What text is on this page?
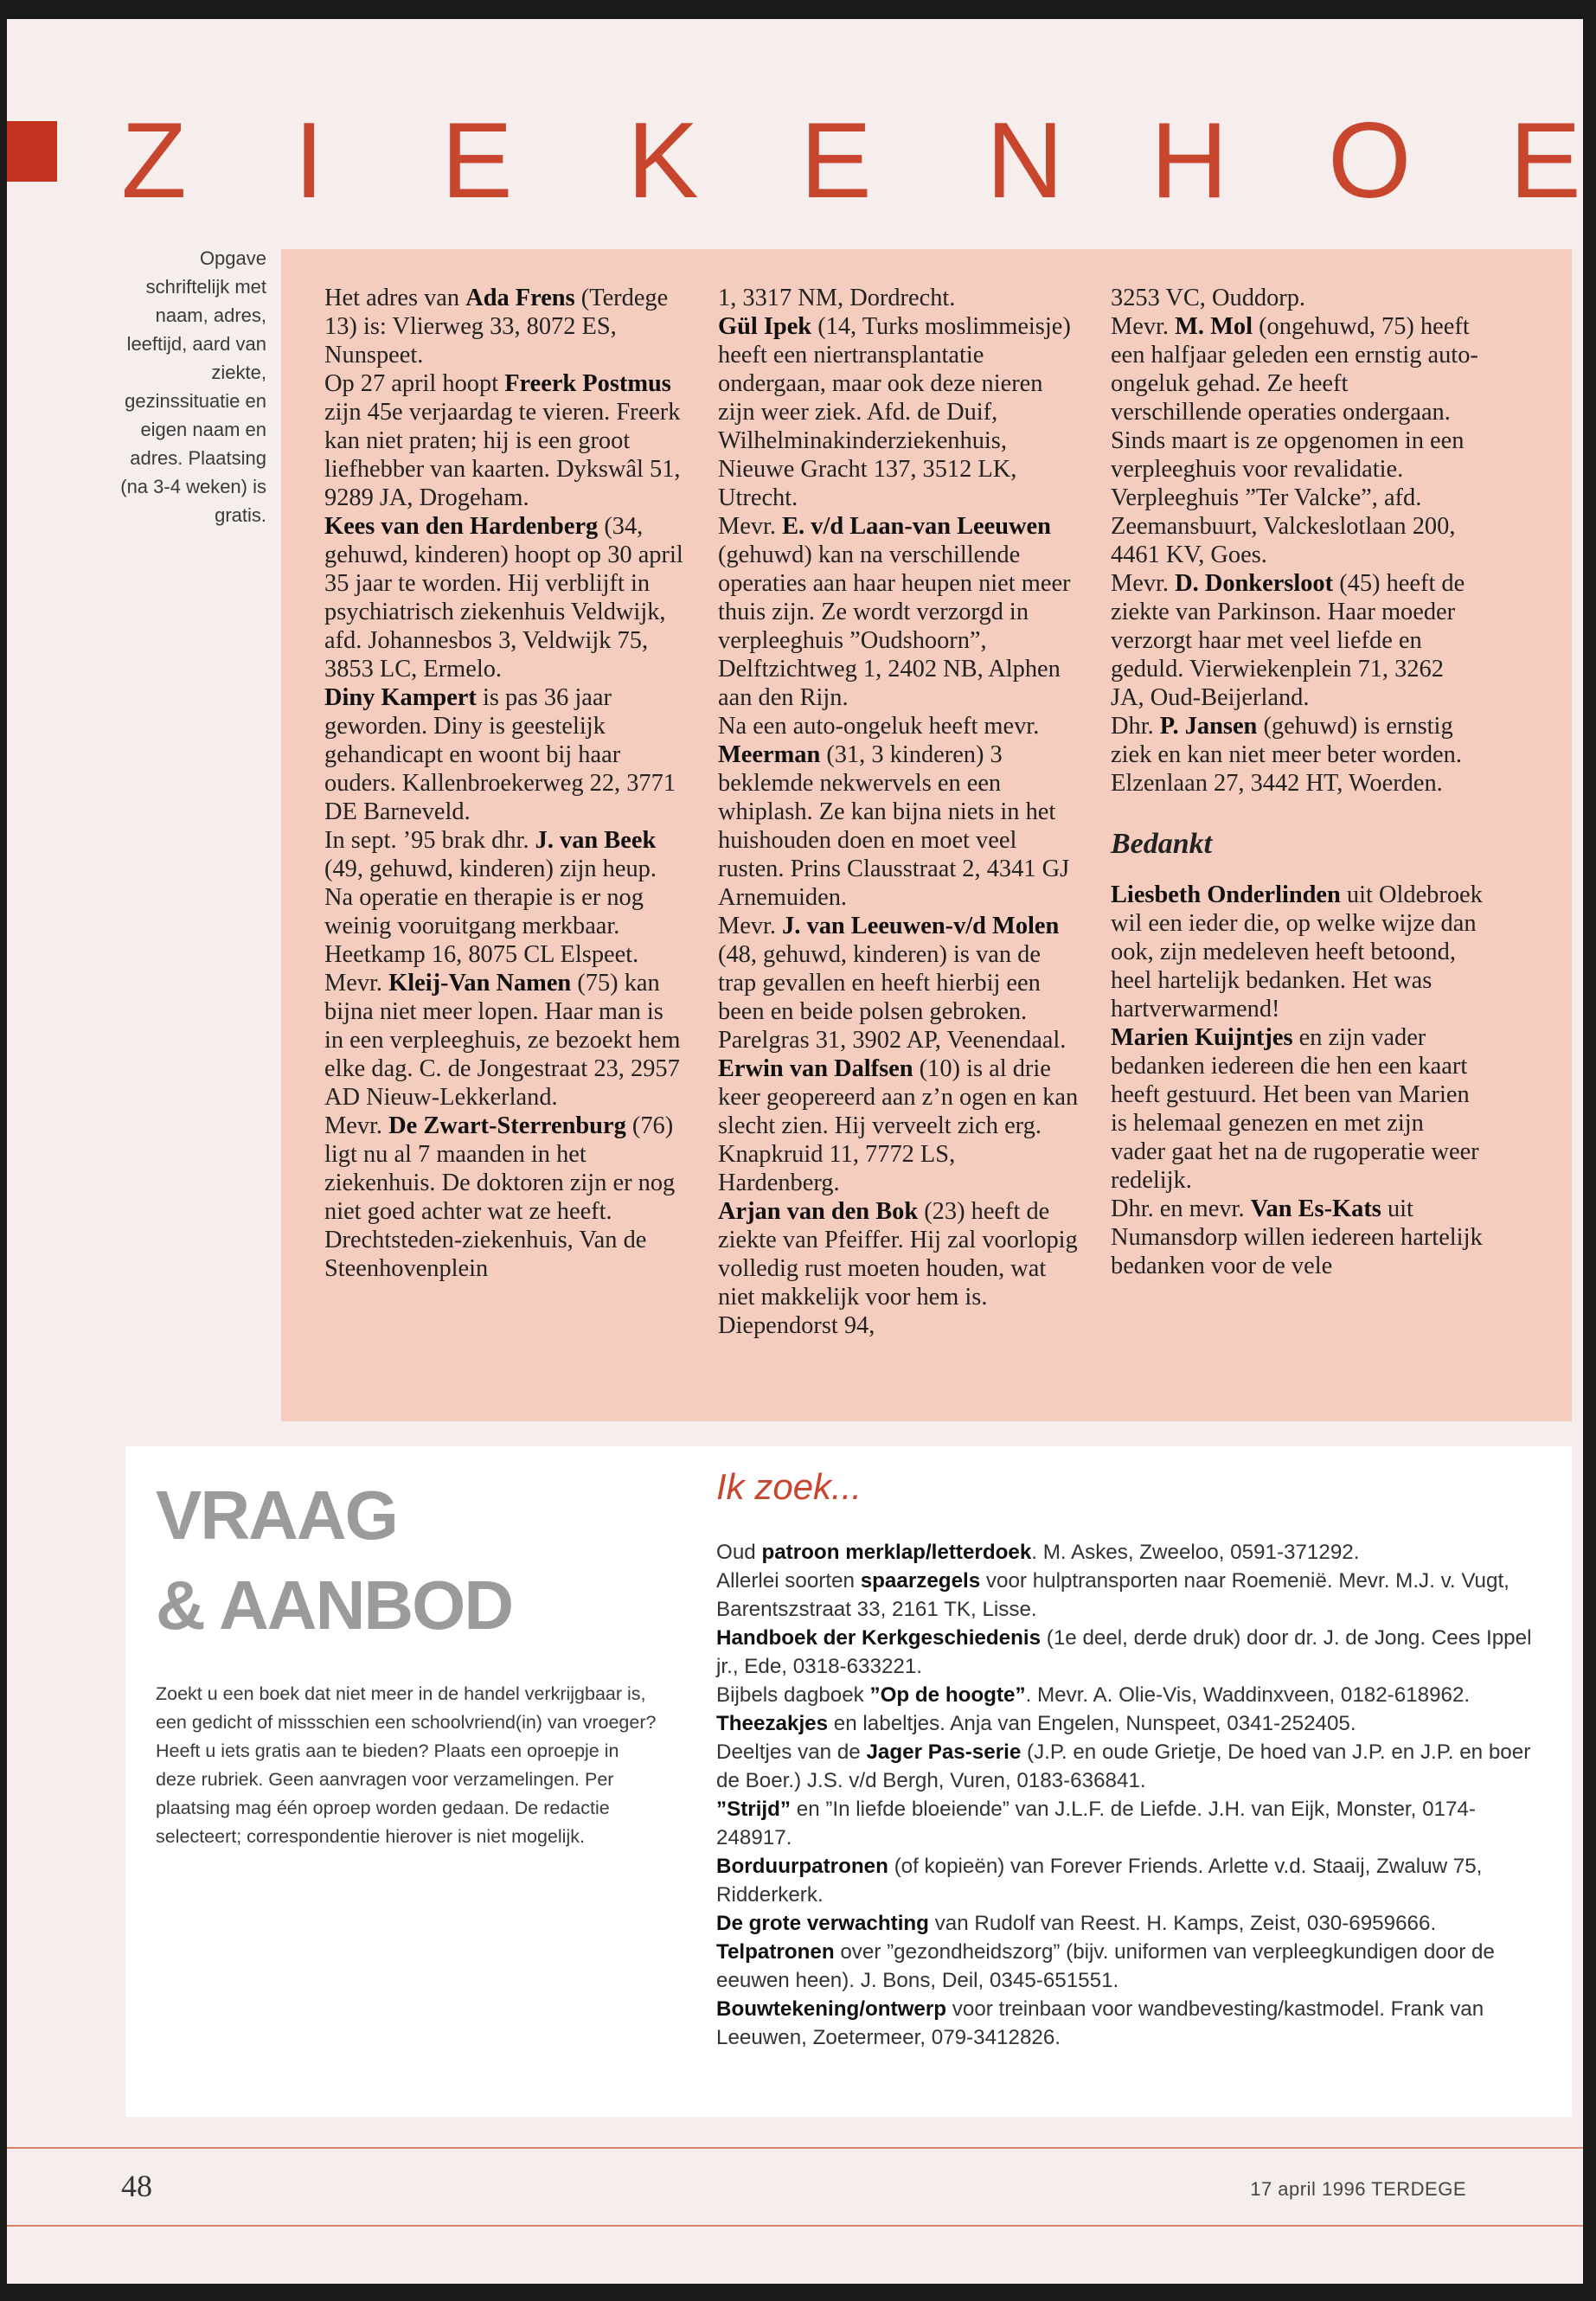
Z I E K E N H O E
Opgave schriftelijk met naam, adres, leeftijd, aard van ziekte, gezinssituatie en eigen naam en adres. Plaatsing (na 3-4 weken) is gratis.

Het adres van Ada Frens (Terdege 13) is: Vlierweg 33, 8072 ES, Nunspeet.

Op 27 april hoopt Freerk Postmus zijn 45e verjaardag te vieren. Freerk kan niet praten; hij is een groot liefhebber van kaarten. Dykswâl 51, 9289 JA, Drogeham.

Kees van den Hardenberg (34, gehuwd, kinderen) hoopt op 30 april 35 jaar te worden. Hij verblijft in psychiatrisch ziekenhuis Veldwijk, afd. Johannesbos 3, Veldwijk 75, 3853 LC, Ermelo.

Diny Kampert is pas 36 jaar geworden. Diny is geestelijk gehandicapt en woont bij haar ouders. Kallenbroekerweg 22, 3771 DE Barneveld.

In sept. ’95 brak dhr. J. van Beek (49, gehuwd, kinderen) zijn heup. Na operatie en therapie is er nog weinig vooruitgang merkbaar. Heetkamp 16, 8075 CL Elspeet.

Mevr. Kleij-Van Namen (75) kan bijna niet meer lopen. Haar man is in een verpleeghuis, ze bezoekt hem elke dag. C. de Jongestraat 23, 2957 AD Nieuw-Lekkerland.

Mevr. De Zwart-Sterrenburg (76) ligt nu al 7 maanden in het ziekenhuis. De doktoren zijn er nog niet goed achter wat ze heeft. Drechtsteden-ziekenhuis, Van de Steenhovenplein

1, 3317 NM, Dordrecht.

Gül Ipek (14, Turks moslimmeisje) heeft een niertransplantatie ondergaan, maar ook deze nieren zijn weer ziek. Afd. de Duif, Wilhelminakinderziekenhuis, Nieuwe Gracht 137, 3512 LK, Utrecht.

Mevr. E. v/d Laan-van Leeuwen (gehuwd) kan na verschillende operaties aan haar heupen niet meer thuis zijn. Ze wordt verzorgd in verpleeghuis ”Oudshoorn”, Delftzichtweg 1, 2402 NB, Alphen aan den Rijn.

Na een auto-ongeluk heeft mevr. Meerman (31, 3 kinderen) 3 beklemde nekwervels en een whiplash. Ze kan bijna niets in het huishouden doen en moet veel rusten. Prins Clausstraat 2, 4341 GJ Arnemuiden.

Mevr. J. van Leeuwen-v/d Molen (48, gehuwd, kinderen) is van de trap gevallen en heeft hierbij een been en beide polsen gebroken. Parelgras 31, 3902 AP, Veenendaal.

Erwin van Dalfsen (10) is al drie keer geopereerd aan z’n ogen en kan slecht zien. Hij verveelt zich erg. Knapkruid 11, 7772 LS, Hardenberg.

Arjan van den Bok (23) heeft de ziekte van Pfeiffer. Hij zal voorlopig volledig rust moeten houden, wat niet makkelijk voor hem is. Diependorst 94,

3253 VC, Ouddorp.

Mevr. M. Mol (ongehuwd, 75) heeft een halfjaar geleden een ernstig auto-ongeluk gehad. Ze heeft verschillende operaties ondergaan. Sinds maart is ze opgenomen in een verpleeghuis voor revalidatie. Verpleeghuis ”Ter Valcke”, afd. Zeemansbuurt, Valckeslotlaan 200, 4461 KV, Goes.

Mevr. D. Donkersloot (45) heeft de ziekte van Parkinson. Haar moeder verzorgt haar met veel liefde en geduld. Vierwiekenplein 71, 3262 JA, Oud-Beijerland.

Dhr. P. Jansen (gehuwd) is ernstig ziek en kan niet meer beter worden. Elzenlaan 27, 3442 HT, Woerden.

Bedankt

Liesbeth Onderlinden uit Oldebroek wil een ieder die, op welke wijze dan ook, zijn medeleven heeft betoond, heel hartelijk bedanken. Het was hartverwarmend!

Marien Kuijntjes en zijn vader bedanken iedereen die hen een kaart heeft gestuurd. Het been van Marien is helemaal genezen en met zijn vader gaat het na de rugoperatie weer redelijk.

Dhr. en mevr. Van Es-Kats uit Numansdorp willen iedereen hartelijk bedanken voor de vele

VRAAG
& AANBOD
Zoekt u een boek dat niet meer in de handel verkrijgbaar is, een gedicht of missschien een schoolvriend(in) van vroeger? Heeft u iets gratis aan te bieden? Plaats een oproepje in deze rubriek. Geen aanvragen voor verzamelingen. Per plaatsing mag één oproep worden gedaan. De redactie selecteert; correspondentie hierover is niet mogelijk.
Ik zoek...

Oud patroon merklap/letterdoek. M. Askes, Zweeloo, 0591-371292.

Allerlei soorten spaarzegels voor hulptransporten naar Roemenië. Mevr. M.J. v. Vugt, Barentszstraat 33, 2161 TK, Lisse.

Handboek der Kerkgeschiedenis (1e deel, derde druk) door dr. J. de Jong. Cees Ippel jr., Ede, 0318-633221.

Bijbels dagboek ”Op de hoogte”. Mevr. A. Olie-Vis, Waddinxveen, 0182-618962.

Theezakjes en labeltjes. Anja van Engelen, Nunspeet, 0341-252405.

Deeltjes van de Jager Pas-serie (J.P. en oude Grietje, De hoed van J.P. en J.P. en boer de Boer.) J.S. v/d Bergh, Vuren, 0183-636841.

”Strijd” en ”In liefde bloeiende” van J.L.F. de Liefde. J.H. van Eijk, Monster, 0174-248917.

Borduurpatronen (of kopieën) van Forever Friends. Arlette v.d. Staaij, Zwaluw 75, Ridderkerk.

De grote verwachting van Rudolf van Reest. H. Kamps, Zeist, 030-6959666.

Telpatronen over ”gezondheidszorg” (bijv. uniformen van verpleegkundigen door de eeuwen heen). J. Bons, Deil, 0345-651551.

Bouwtekening/ontwerp voor treinbaan voor wandbevesting/kastmodel. Frank van Leeuwen, Zoetermeer, 079-3412826.

48	17 april 1996 TERDEGE
